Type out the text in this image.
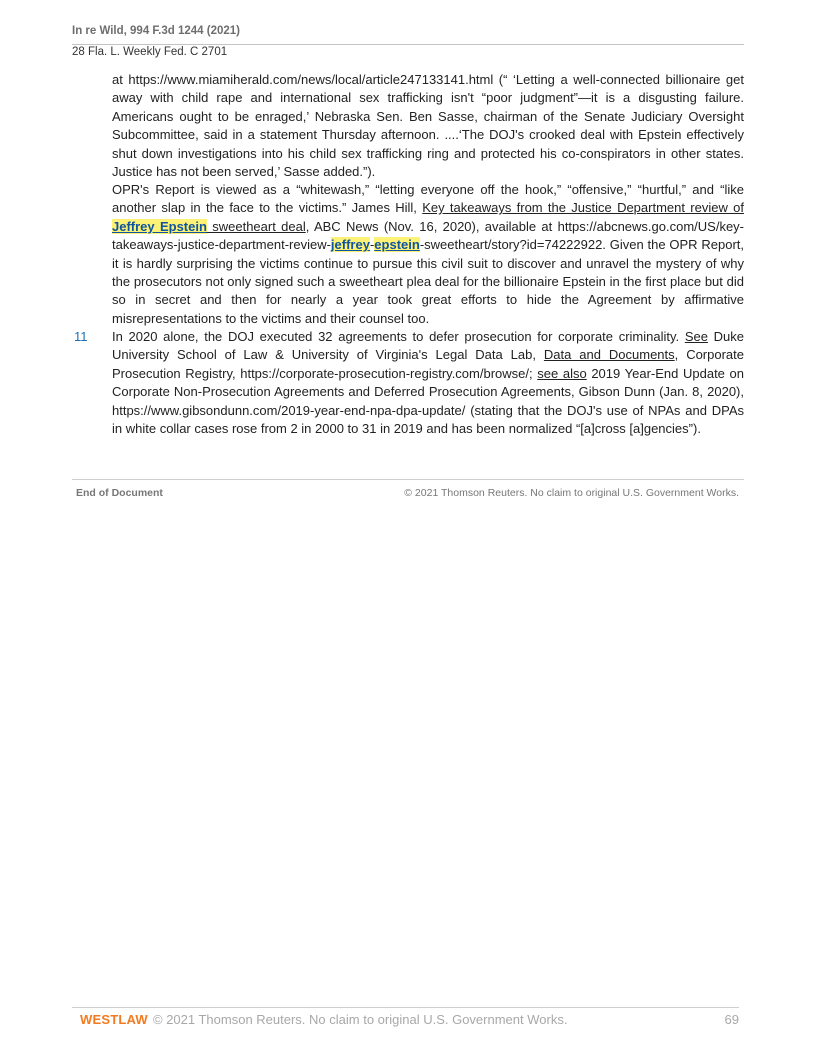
In re Wild, 994 F.3d 1244 (2021)
28 Fla. L. Weekly Fed. C 2701
at https://www.miamiherald.com/news/local/article247133141.html (“ ‘Letting a well-connected billionaire get away with child rape and international sex trafficking isn't “poor judgment”—it is a disgusting failure. Americans ought to be enraged,’ Nebraska Sen. Ben Sasse, chairman of the Senate Judiciary Oversight Subcommittee, said in a statement Thursday afternoon. ....‘The DOJ's crooked deal with Epstein effectively shut down investigations into his child sex trafficking ring and protected his co-conspirators in other states. Justice has not been served,’ Sasse added.”).
OPR's Report is viewed as a “whitewash,” “letting everyone off the hook,” “offensive,” “hurtful,” and “like another slap in the face to the victims.” James Hill, Key takeaways from the Justice Department review of Jeffrey Epstein sweetheart deal, ABC News (Nov. 16, 2020), available at https://abcnews.go.com/US/key-takeaways-justice-department-review-jeffrey-epstein-sweetheart/story?id=74222922. Given the OPR Report, it is hardly surprising the victims continue to pursue this civil suit to discover and unravel the mystery of why the prosecutors not only signed such a sweetheart plea deal for the billionaire Epstein in the first place but did so in secret and then for nearly a year took great efforts to hide the Agreement by affirmative misrepresentations to the victims and their counsel too.
11 In 2020 alone, the DOJ executed 32 agreements to defer prosecution for corporate criminality. See Duke University School of Law & University of Virginia's Legal Data Lab, Data and Documents, Corporate Prosecution Registry, https://corporate-prosecution-registry.com/browse/; see also 2019 Year-End Update on Corporate Non-Prosecution Agreements and Deferred Prosecution Agreements, Gibson Dunn (Jan. 8, 2020), https://www.gibsondunn.com/2019-year-end-npa-dpa-update/ (stating that the DOJ's use of NPAs and DPAs in white collar cases rose from 2 in 2000 to 31 in 2019 and has been normalized “[a]cross [a]gencies”).
End of Document	© 2021 Thomson Reuters. No claim to original U.S. Government Works.
WESTLAW © 2021 Thomson Reuters. No claim to original U.S. Government Works.	69
